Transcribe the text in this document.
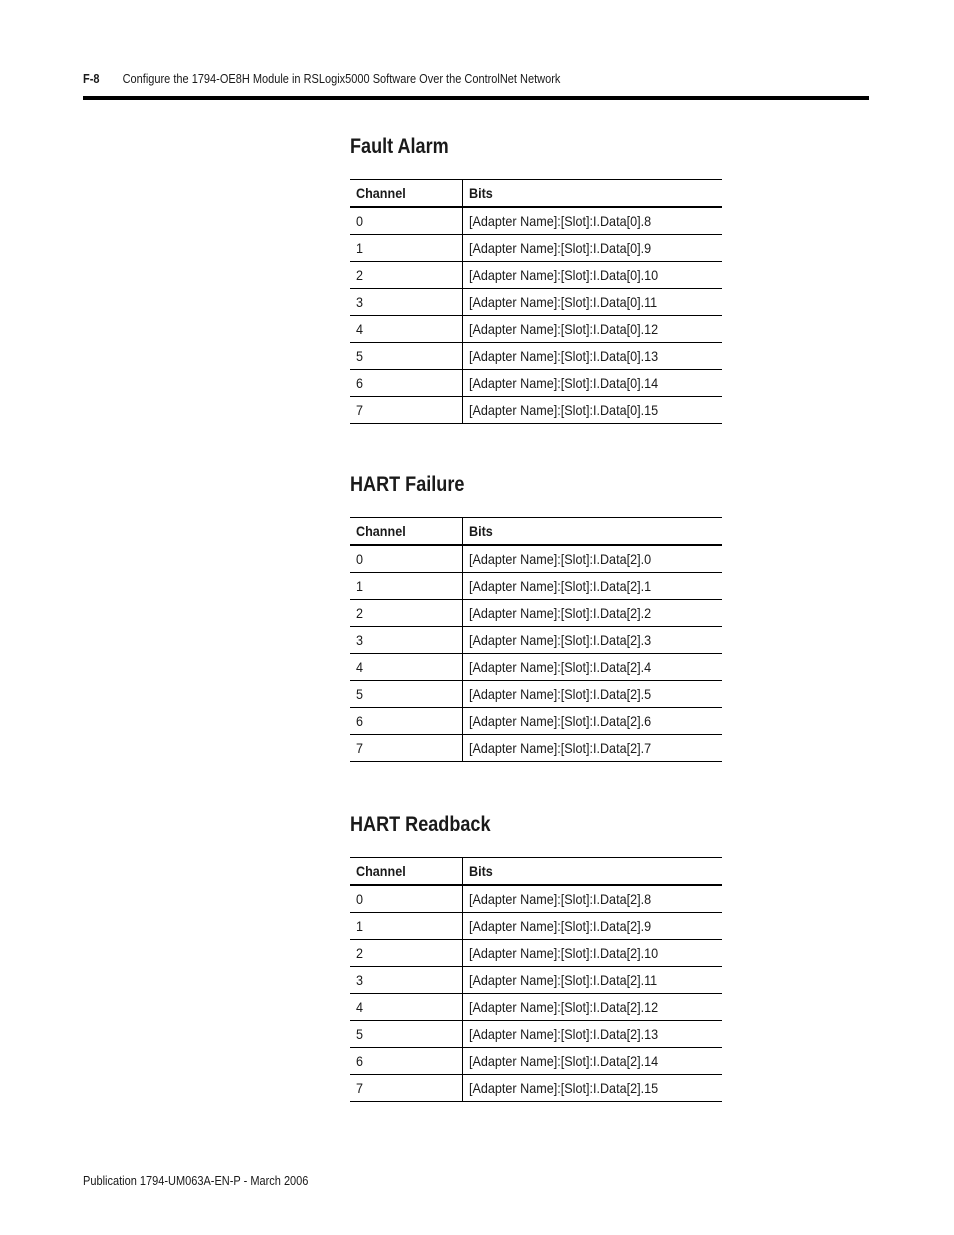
F-8 Configure the 1794-OE8H Module in RSLogix5000 Software Over the ControlNet Network
Fault Alarm
Channel	Bits
0	[Adapter Name]:[Slot]:I.Data[0].8
1	[Adapter Name]:[Slot]:I.Data[0].9
2	[Adapter Name]:[Slot]:I.Data[0].10
3	[Adapter Name]:[Slot]:I.Data[0].11
4	[Adapter Name]:[Slot]:I.Data[0].12
5	[Adapter Name]:[Slot]:I.Data[0].13
6	[Adapter Name]:[Slot]:I.Data[0].14
7	[Adapter Name]:[Slot]:I.Data[0].15
HART Failure
Channel	Bits
0	[Adapter Name]:[Slot]:I.Data[2].0
1	[Adapter Name]:[Slot]:I.Data[2].1
2	[Adapter Name]:[Slot]:I.Data[2].2
3	[Adapter Name]:[Slot]:I.Data[2].3
4	[Adapter Name]:[Slot]:I.Data[2].4
5	[Adapter Name]:[Slot]:I.Data[2].5
6	[Adapter Name]:[Slot]:I.Data[2].6
7	[Adapter Name]:[Slot]:I.Data[2].7
HART Readback
Channel	Bits
0	[Adapter Name]:[Slot]:I.Data[2].8
1	[Adapter Name]:[Slot]:I.Data[2].9
2	[Adapter Name]:[Slot]:I.Data[2].10
3	[Adapter Name]:[Slot]:I.Data[2].11
4	[Adapter Name]:[Slot]:I.Data[2].12
5	[Adapter Name]:[Slot]:I.Data[2].13
6	[Adapter Name]:[Slot]:I.Data[2].14
7	[Adapter Name]:[Slot]:I.Data[2].15
Publication 1794-UM063A-EN-P - March 2006
